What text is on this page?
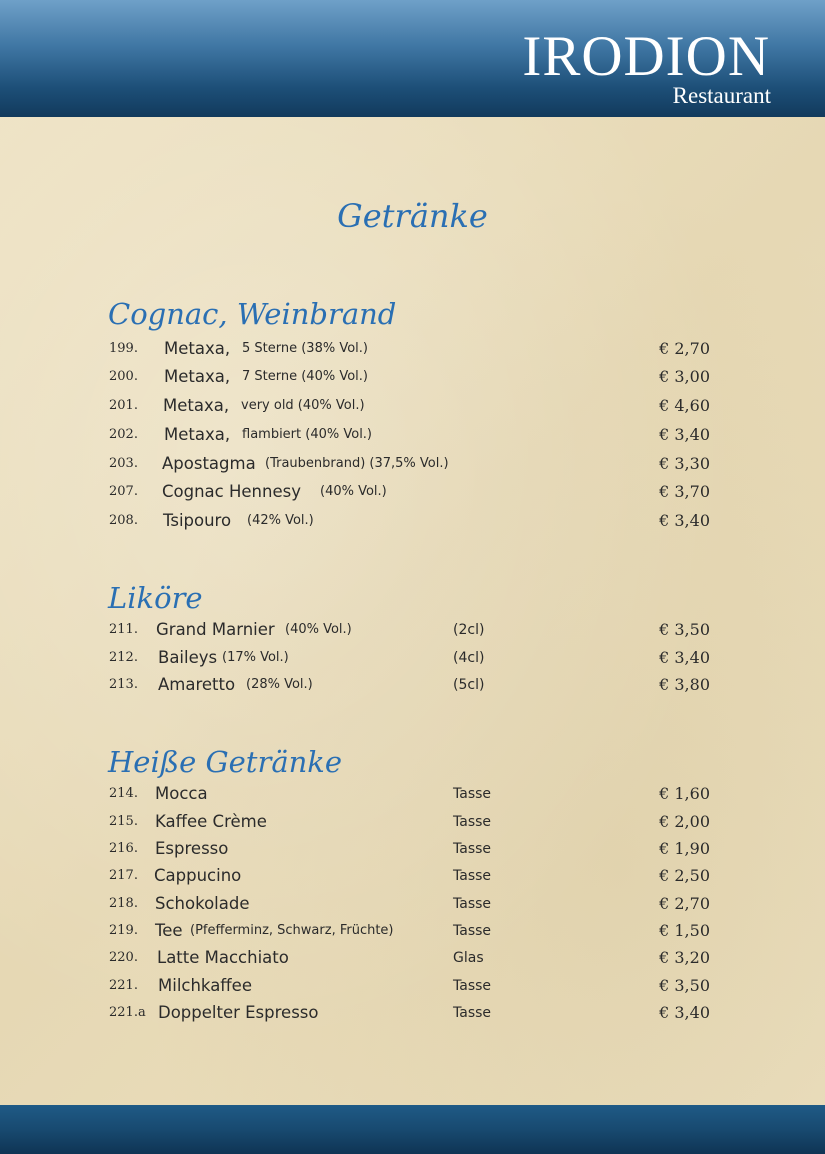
IRODION
Restaurant
Getränke
Cognac, Weinbrand
199. Metaxa, 5 Sterne (38% Vol.)	€ 2,70
200. Metaxa, 7 Sterne (40% Vol.)	€ 3,00
201. Metaxa, very old (40% Vol.)	€ 4,60
202. Metaxa, flambiert (40% Vol.)	€ 3,40
203. Apostagma (Traubenbrand) (37,5% Vol.)	€ 3,30
207. Cognac Hennesy (40% Vol.)	€ 3,70
208. Tsipouro (42% Vol.)	€ 3,40
Liköre
211. Grand Marnier (40% Vol.)	(2cl)	€ 3,50
212. Baileys (17% Vol.)	(4cl)	€ 3,40
213. Amaretto (28% Vol.)	(5cl)	€ 3,80
Heiße Getränke
214. Mocca	Tasse	€ 1,60
215. Kaffee Crème	Tasse	€ 2,00
216. Espresso	Tasse	€ 1,90
217. Cappucino	Tasse	€ 2,50
218. Schokolade	Tasse	€ 2,70
219. Tee (Pfefferminz, Schwarz, Früchte)	Tasse	€ 1,50
220. Latte Macchiato	Glas	€ 3,20
221. Milchkaffee	Tasse	€ 3,50
221.a Doppelter Espresso	Tasse	€ 3,40
